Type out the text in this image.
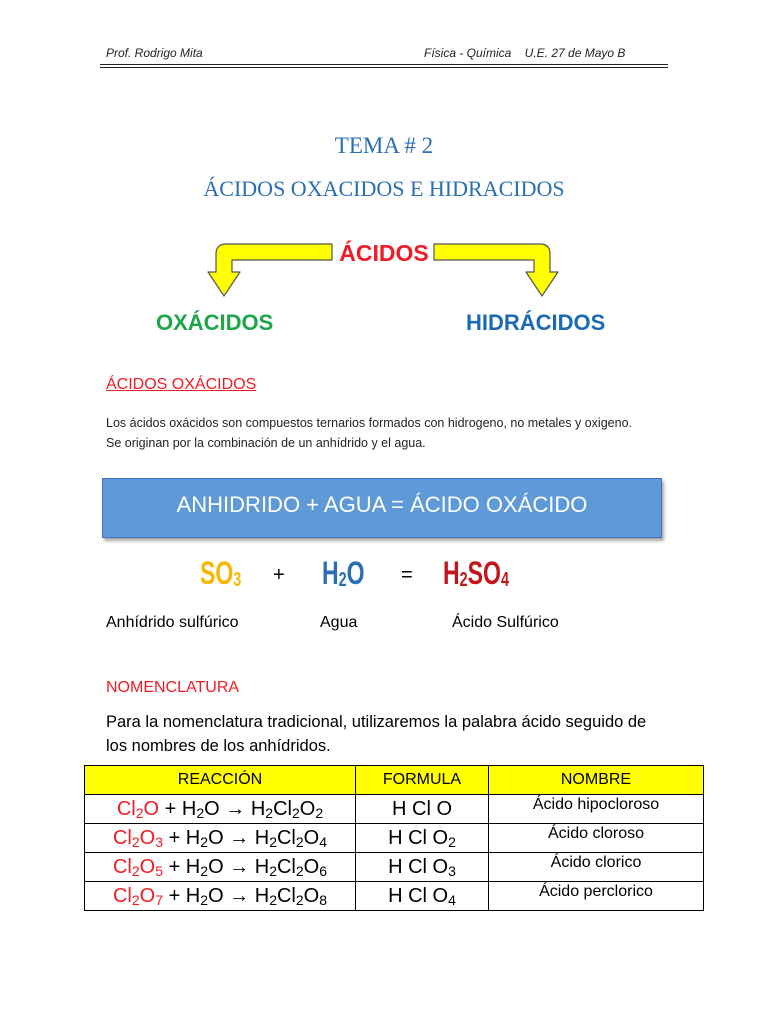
Prof. Rodrigo Mita	Física - Química    U.E. 27 de Mayo B
TEMA # 2
ÁCIDOS OXACIDOS E HIDRACIDOS
ÁCIDOS
OXÁCIDOS	HIDRÁCIDOS
ÁCIDOS OXÁCIDOS
Los ácidos oxácidos son compuestos ternarios formados con hidrogeno, no metales y oxigeno. Se originan por la combinación de un anhídrido y el agua.
ANHIDRIDO + AGUA = ÁCIDO OXÁCIDO
$SO_3 + H_2O = H_2SO_4$
Anhídrido sulfúrico	Agua	Ácido Sulfúrico
NOMENCLATURA
Para la nomenclatura tradicional, utilizaremos la palabra ácido seguido de los nombres de los anhídridos.
REACCIÓN	FORMULA	NOMBRE
$Cl_2O + H_2O \to H_2Cl_2O_2$	H Cl O	Ácido hipocloroso
$Cl_2O_3 + H_2O \to H_2Cl_2O_4$	H Cl $O_2$	Ácido cloroso
$Cl_2O_5 + H_2O \to H_2Cl_2O_6$	H Cl $O_3$	Ácido clorico
$Cl_2O_7 + H_2O \to H_2Cl_2O_8$	H Cl $O_4$	Ácido perclorico
